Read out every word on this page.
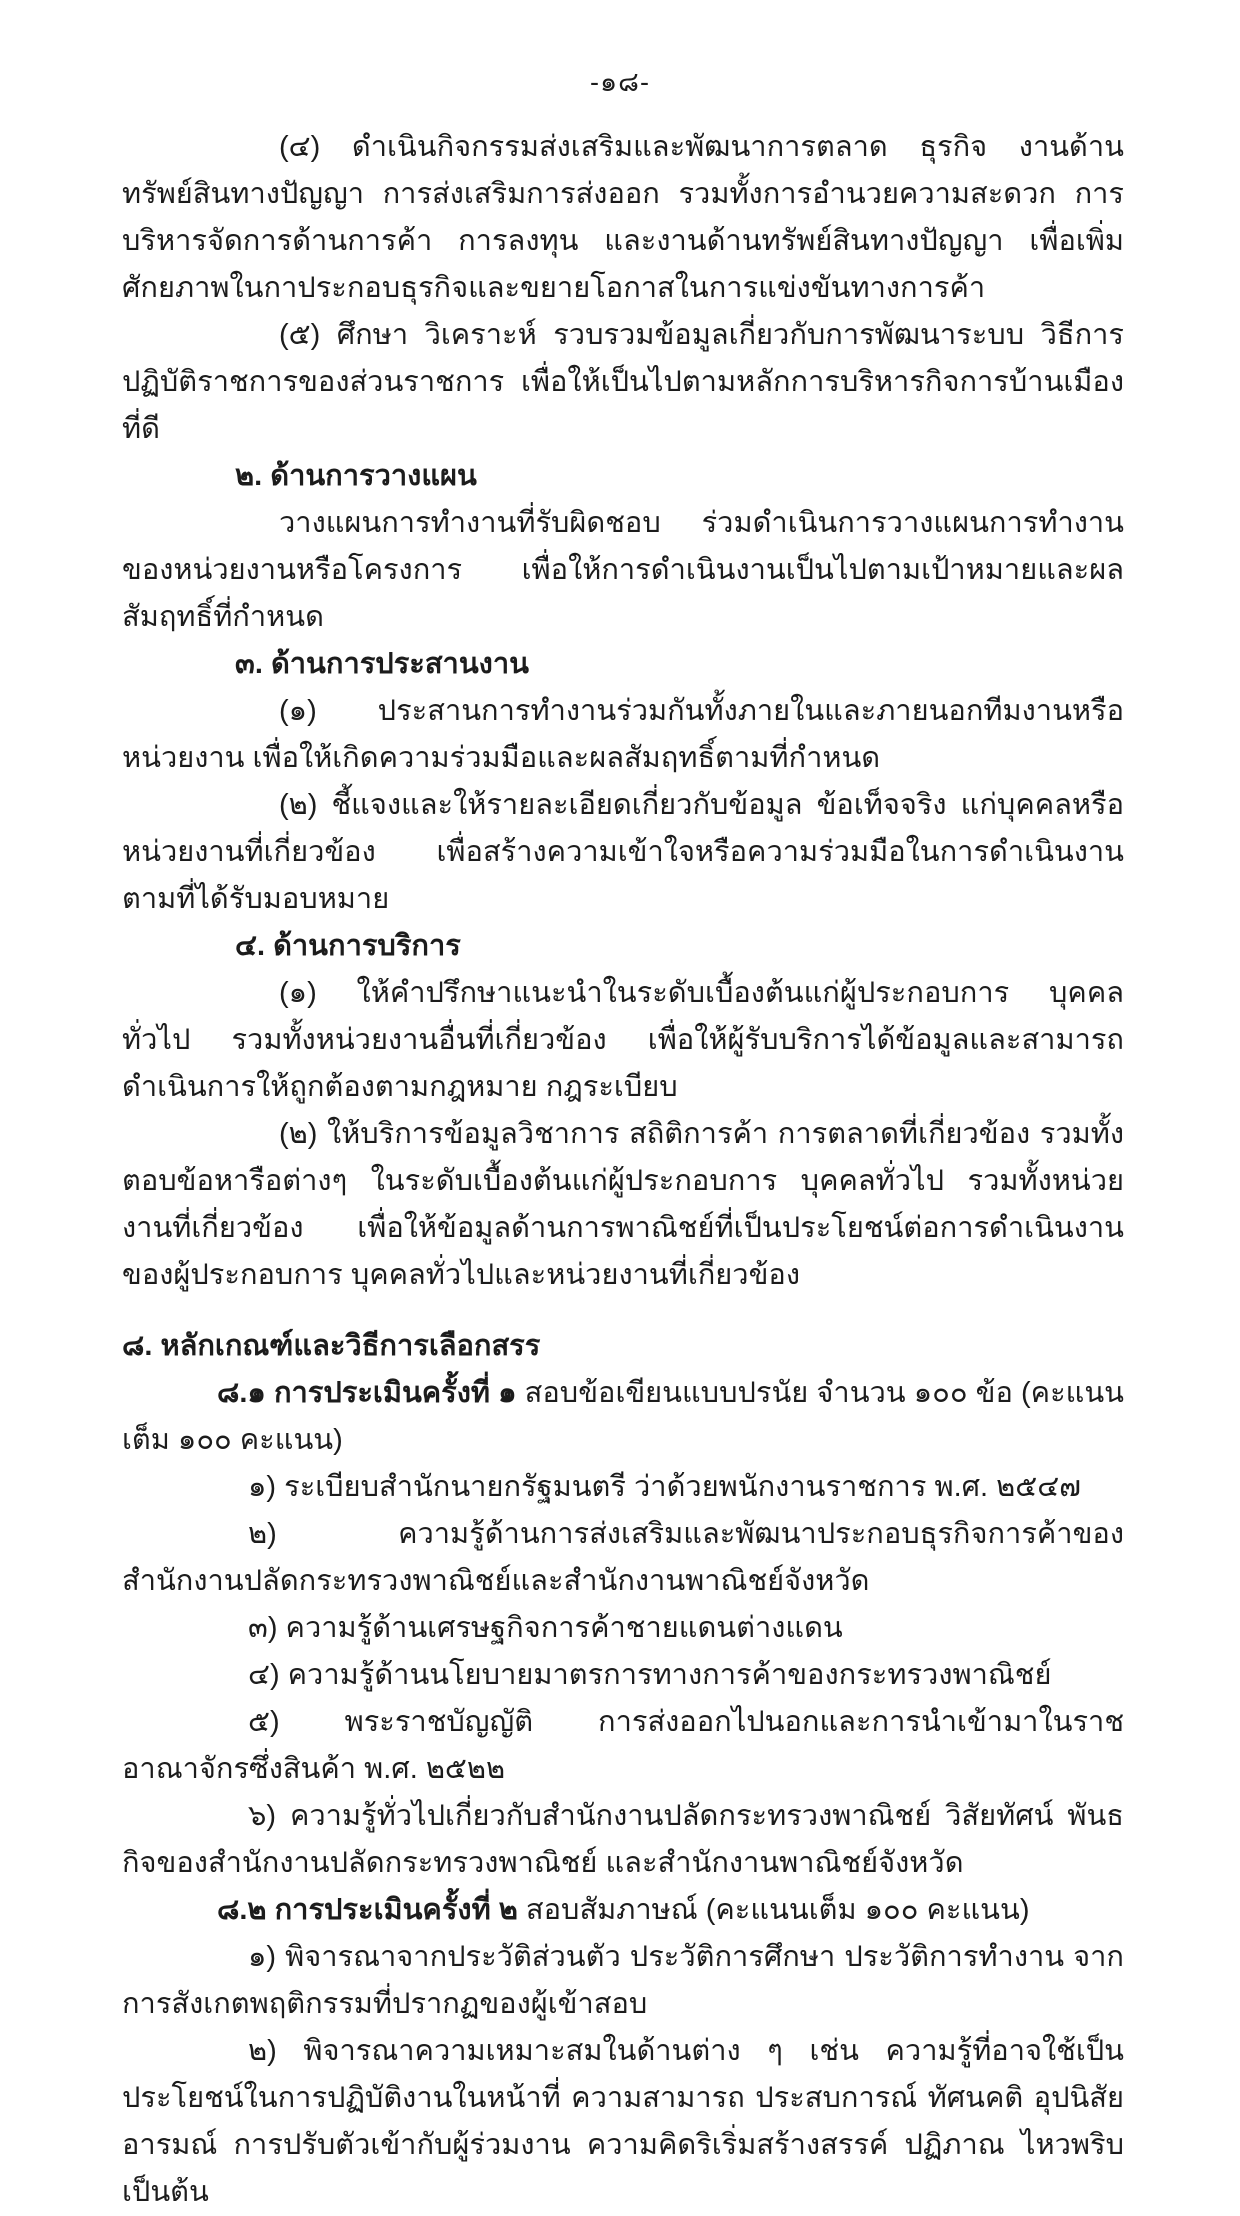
-๑๘-

(๔) ดำเนินกิจกรรมส่งเสริมและพัฒนาการตลาด ธุรกิจ งานด้านทรัพย์สินทางปัญญา การส่งเสริมการส่งออก รวมทั้งการอำนวยความสะดวก การบริหารจัดการด้านการค้า การลงทุน และงานด้านทรัพย์สินทางปัญญา เพื่อเพิ่มศักยภาพในกาประกอบธุรกิจและขยายโอกาสในการแข่งขันทางการค้า

(๕) ศึกษา วิเคราะห์ รวบรวมข้อมูลเกี่ยวกับการพัฒนาระบบ วิธีการปฏิบัติราชการของส่วนราชการ เพื่อให้เป็นไปตามหลักการบริหารกิจการบ้านเมืองที่ดี

๒. ด้านการวางแผน

วางแผนการทำงานที่รับผิดชอบ ร่วมดำเนินการวางแผนการทำงานของหน่วยงานหรือโครงการ เพื่อให้การดำเนินงานเป็นไปตามเป้าหมายและผลสัมฤทธิ์ที่กำหนด

๓. ด้านการประสานงาน

(๑) ประสานการทำงานร่วมกันทั้งภายในและภายนอกทีมงานหรือหน่วยงาน เพื่อให้เกิดความร่วมมือและผลสัมฤทธิ์ตามที่กำหนด

(๒) ชี้แจงและให้รายละเอียดเกี่ยวกับข้อมูล ข้อเท็จจริง แก่บุคคลหรือหน่วยงานที่เกี่ยวข้อง เพื่อสร้างความเข้าใจหรือความร่วมมือในการดำเนินงานตามที่ได้รับมอบหมาย

๔. ด้านการบริการ

(๑) ให้คำปรึกษาแนะนำในระดับเบื้องต้นแก่ผู้ประกอบการ บุคคลทั่วไป รวมทั้งหน่วยงานอื่นที่เกี่ยวข้อง เพื่อให้ผู้รับบริการได้ข้อมูลและสามารถดำเนินการให้ถูกต้องตามกฎหมาย กฎระเบียบ

(๒) ให้บริการข้อมูลวิชาการ สถิติการค้า การตลาดที่เกี่ยวข้อง รวมทั้งตอบข้อหารือต่างๆ ในระดับเบื้องต้นแก่ผู้ประกอบการ บุคคลทั่วไป รวมทั้งหน่วยงานที่เกี่ยวข้อง เพื่อให้ข้อมูลด้านการพาณิชย์ที่เป็นประโยชน์ต่อการดำเนินงานของผู้ประกอบการ บุคคลทั่วไปและหน่วยงานที่เกี่ยวข้อง

๘. หลักเกณฑ์และวิธีการเลือกสรร

๘.๑ การประเมินครั้งที่ ๑ สอบข้อเขียนแบบปรนัย จำนวน ๑๐๐ ข้อ (คะแนนเต็ม ๑๐๐ คะแนน)

๑) ระเบียบสำนักนายกรัฐมนตรี ว่าด้วยพนักงานราชการ พ.ศ. ๒๕๔๗

๒) ความรู้ด้านการส่งเสริมและพัฒนาประกอบธุรกิจการค้าของสำนักงานปลัดกระทรวงพาณิชย์และสำนักงานพาณิชย์จังหวัด

๓) ความรู้ด้านเศรษฐกิจการค้าชายแดนต่างแดน

๔) ความรู้ด้านนโยบายมาตรการทางการค้าของกระทรวงพาณิชย์

๕) พระราชบัญญัติ การส่งออกไปนอกและการนำเข้ามาในราชอาณาจักรซึ่งสินค้า พ.ศ. ๒๕๒๒

๖) ความรู้ทั่วไปเกี่ยวกับสำนักงานปลัดกระทรวงพาณิชย์ วิสัยทัศน์ พันธกิจของสำนักงานปลัดกระทรวงพาณิชย์ และสำนักงานพาณิชย์จังหวัด

๘.๒ การประเมินครั้งที่ ๒ สอบสัมภาษณ์ (คะแนนเต็ม ๑๐๐ คะแนน)

๑) พิจารณาจากประวัติส่วนตัว ประวัติการศึกษา ประวัติการทำงาน จากการสังเกตพฤติกรรมที่ปรากฏของผู้เข้าสอบ

๒) พิจารณาความเหมาะสมในด้านต่าง ๆ เช่น ความรู้ที่อาจใช้เป็นประโยชน์ในการปฏิบัติงานในหน้าที่ ความสามารถ ประสบการณ์ ทัศนคติ อุปนิสัย อารมณ์ การปรับตัวเข้ากับผู้ร่วมงาน ความคิดริเริ่มสร้างสรรค์ ปฏิภาณ ไหวพริบ เป็นต้น
